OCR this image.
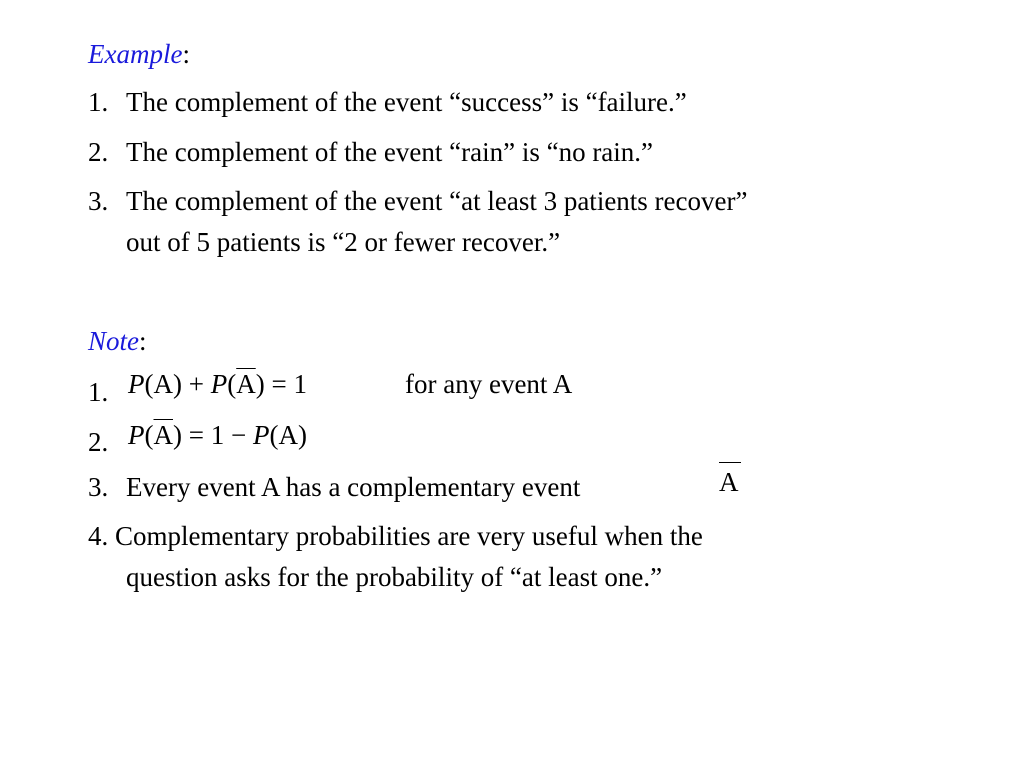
Example:
1. The complement of the event “success” is “failure.”
2. The complement of the event “rain” is “no rain.”
3. The complement of the event “at least 3 patients recover”
out of 5 patients is “2 or fewer recover.”
Note:
1. $P(A) + P(\overline{A}) = 1$	for any event A
2. $P(\overline{A}) = 1 - P(A)$
3. Every event A has a complementary event	A
4. Complementary probabilities are very useful when the
question asks for the probability of “at least one.”
